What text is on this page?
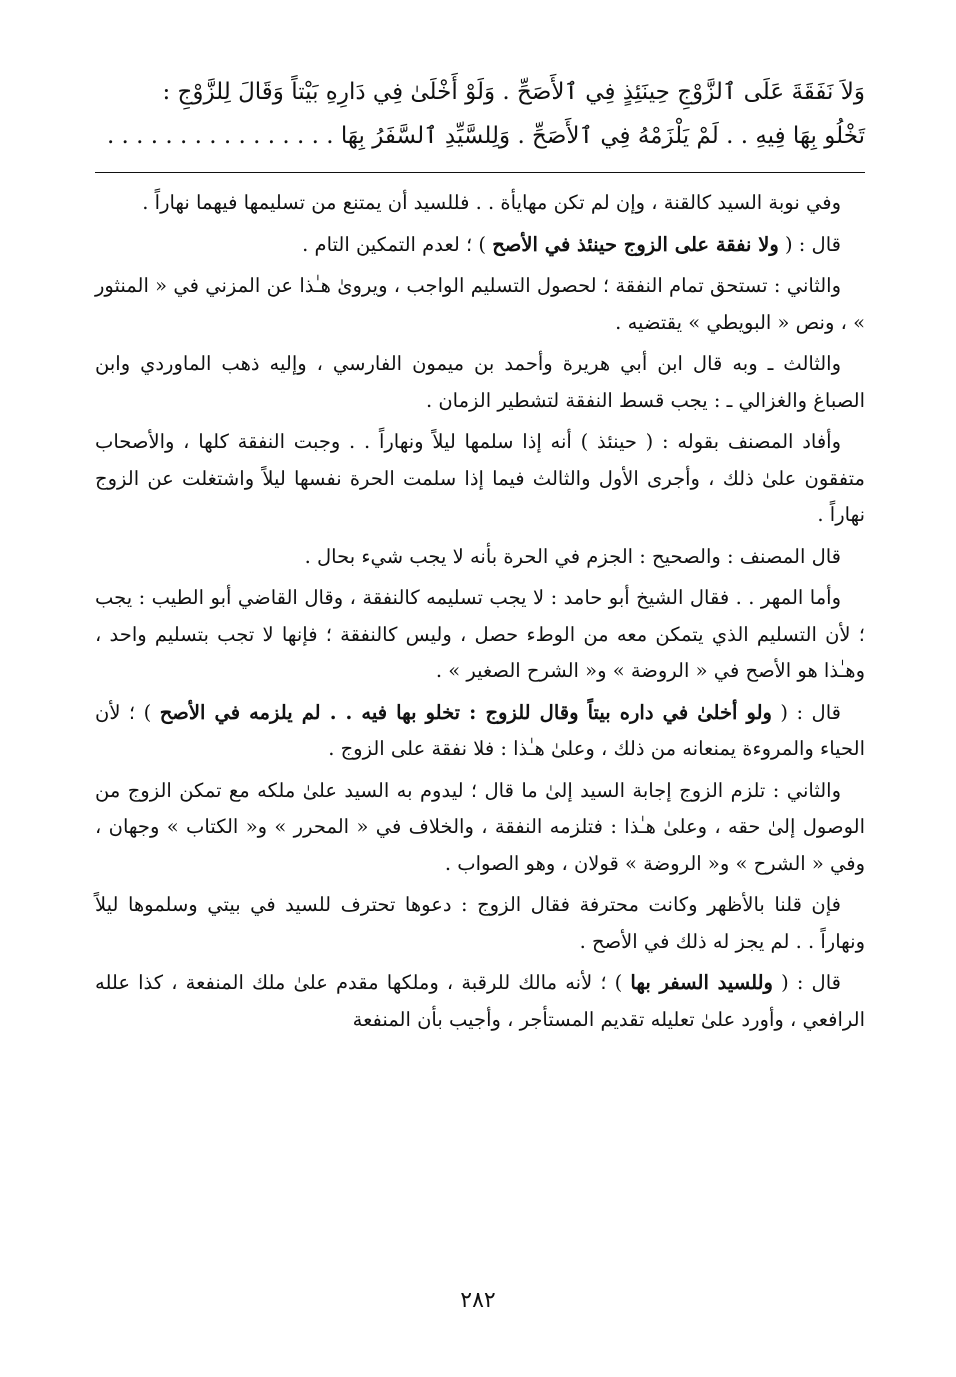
وَلاَ نَفَقَةَ عَلَى ٱلزَّوْجِ حِينَئِذٍ فِي ٱلأَصَحِّ . وَلَوْ أَخْلَىٰ فِي دَارِهِ بَيْتاً وَقَالَ لِلزَّوْجِ :

تَخْلُو بِهَا فِيهِ . . لَمْ يَلْزَمْهُ فِي ٱلأَصَحِّ . وَلِلسَّيِّدِ ٱلسَّفَرُ بِهَا . . . . . . . . . . . . . . . .

وفي نوبة السيد كالقنة ، وإن لم تكن مهايأة . . فللسيد أن يمتنع من تسليمها فيهما نهاراً .

قال : ( ولا نفقة على الزوج حينئذ في الأصح ) ؛ لعدم التمكين التام .

والثاني : تستحق تمام النفقة ؛ لحصول التسليم الواجب ، ويروىٰ هـٰذا عن المزني في « المنثور » ، ونص « البويطي » يقتضيه .

والثالث ـ وبه قال ابن أبي هريرة وأحمد بن ميمون الفارسي ، وإليه ذهب الماوردي وابن الصباغ والغزالي ـ : يجب قسط النفقة لتشطير الزمان .

وأفاد المصنف بقوله : ( حينئذ ) أنه إذا سلمها ليلاً ونهاراً . . وجبت النفقة كلها ، والأصحاب متفقون علىٰ ذلك ، وأجرى الأول والثالث فيما إذا سلمت الحرة نفسها ليلاً واشتغلت عن الزوج نهاراً .

قال المصنف : والصحيح : الجزم في الحرة بأنه لا يجب شيء بحال .

وأما المهر . . فقال الشيخ أبو حامد : لا يجب تسليمه كالنفقة ، وقال القاضي أبو الطيب : يجب ؛ لأن التسليم الذي يتمكن معه من الوطء حصل ، وليس كالنفقة ؛ فإنها لا تجب بتسليم واحد ، وهـٰذا هو الأصح في « الروضة » و« الشرح الصغير » .

قال : ( ولو أخلىٰ في داره بيتاً وقال للزوج : تخلو بها فيه . . لم يلزمه في الأصح ) ؛ لأن الحياء والمروءة يمنعانه من ذلك ، وعلىٰ هـٰذا : فلا نفقة على الزوج .

والثاني : تلزم الزوج إجابة السيد إلىٰ ما قال ؛ ليدوم به السيد علىٰ ملكه مع تمكن الزوج من الوصول إلىٰ حقه ، وعلىٰ هـٰذا : فتلزمه النفقة ، والخلاف في « المحرر » و« الكتاب » وجهان ، وفي « الشرح » و« الروضة » قولان ، وهو الصواب .

فإن قلنا بالأظهر وكانت محترفة فقال الزوج : دعوها تحترف للسيد في بيتي وسلموها ليلاً ونهاراً . . لم يجز له ذلك في الأصح .

قال : ( وللسيد السفر بها ) ؛ لأنه مالك للرقبة ، وملكها مقدم علىٰ ملك المنفعة ، كذا علله الرافعي ، وأورد علىٰ تعليله تقديم المستأجر ، وأجيب بأن المنفعة

٢٨٢
